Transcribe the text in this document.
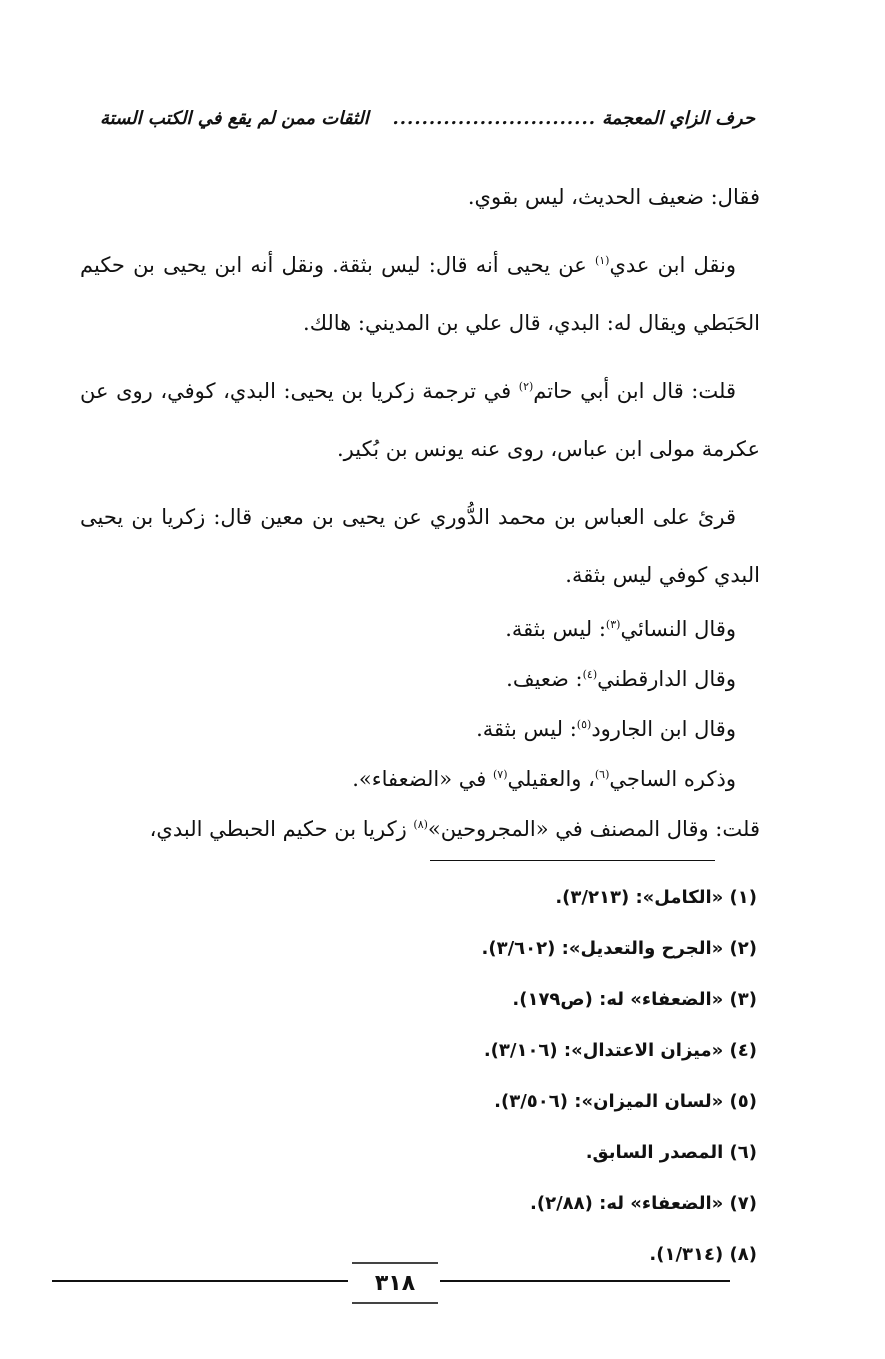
حرف الزاي المعجمة
............................
الثقات ممن لم يقع في الكتب الستة

فقال: ضعيف الحديث، ليس بقوي.

ونقل ابن عدي$^{(١)}$ عن يحيى أنه قال: ليس بثقة. ونقل أنه ابن يحيى بن حكيم الحَبَطي ويقال له: البدي، قال علي بن المديني: هالك.

قلت: قال ابن أبي حاتم$^{(٢)}$ في ترجمة زكريا بن يحيى: البدي، كوفي، روى عن عكرمة مولى ابن عباس، روى عنه يونس بن بُكير.

قرئ على العباس بن محمد الدُّوري عن يحيى بن معين قال: زكريا بن يحيى البدي كوفي ليس بثقة.

وقال النسائي$^{(٣)}$: ليس بثقة.

وقال الدارقطني$^{(٤)}$: ضعيف.

وقال ابن الجارود$^{(٥)}$: ليس بثقة.

وذكره الساجي$^{(٦)}$، والعقيلي$^{(٧)}$ في «الضعفاء».

قلت: وقال المصنف في «المجروحين»$^{(٨)}$ زكريا بن حكيم الحبطي البدي،

(١) «الكامل»: (٣/٢١٣).
(٢) «الجرح والتعديل»: (٣/٦٠٢).
(٣) «الضعفاء» له: (ص١٧٩).
(٤) «ميزان الاعتدال»: (٣/١٠٦).
(٥) «لسان الميزان»: (٣/٥٠٦).
(٦) المصدر السابق.
(٧) «الضعفاء» له: (٢/٨٨).
(٨) (١/٣١٤).
٣١٨
